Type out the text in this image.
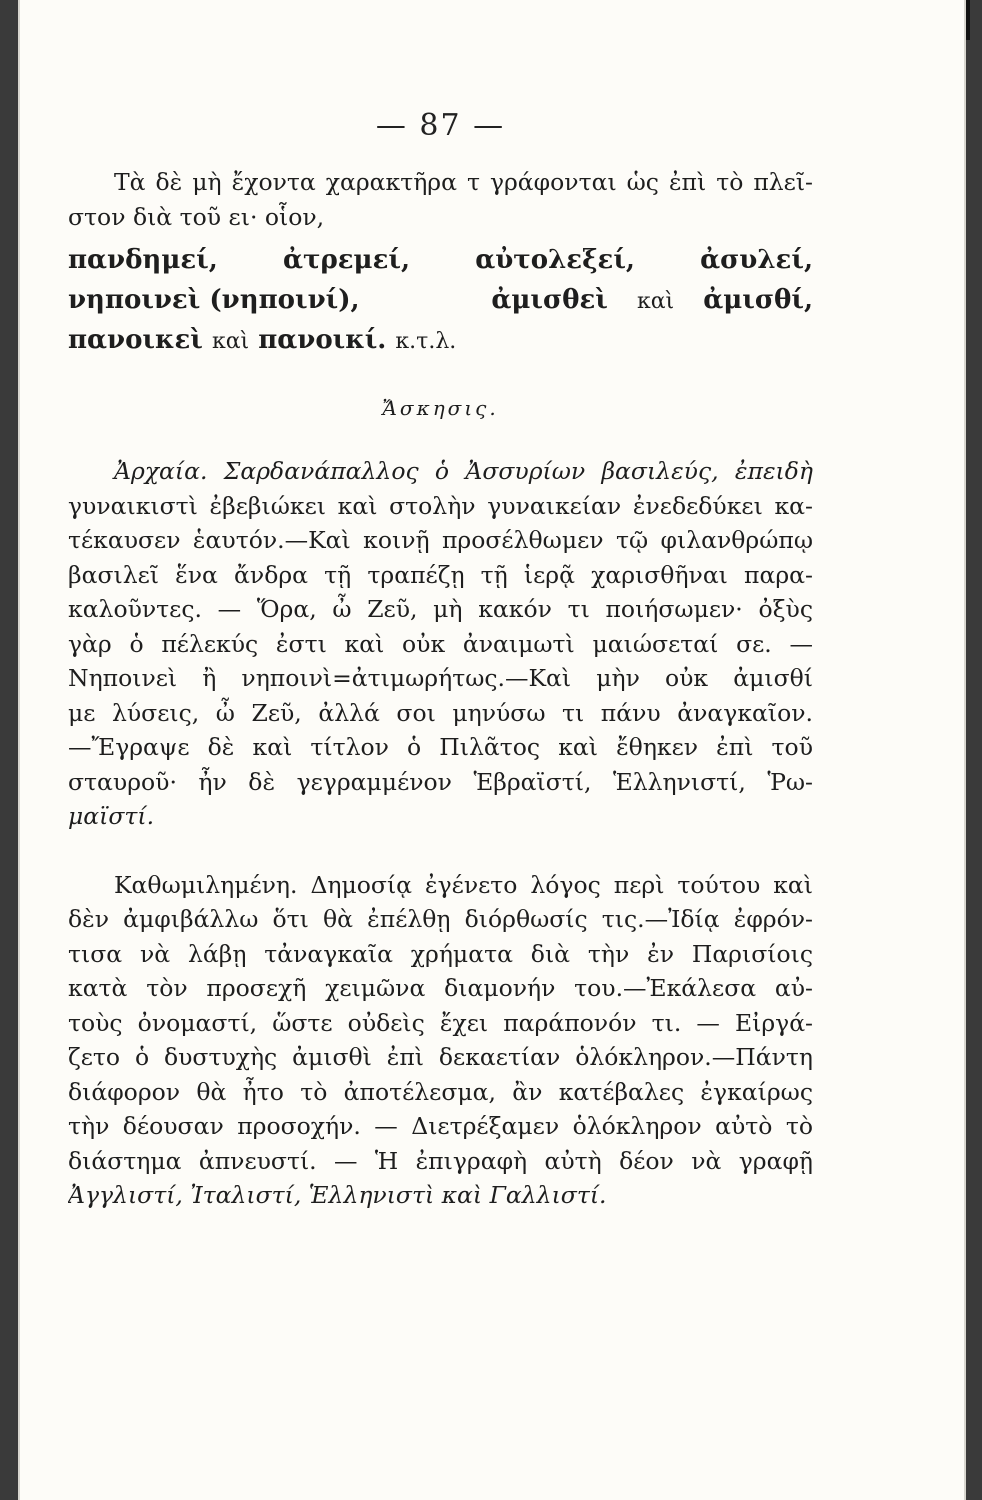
— 87 —

Τὰ δὲ μὴ ἔχοντα χαρακτῆρα τ γράφονται ὡς ἐπὶ τὸ πλεῖ-

στον διὰ τοῦ ει· οἷον,

πανδημεί,	ἀτρεμεί,	αὐτολεξεί,	ἀσυλεί,
νηποινεὶ (νηποινί),	ἀμισθεὶ καὶ ἀμισθί,
πανοικεὶ καὶ πανοικί. κ.τ.λ.
Ἄσκησις.

Ἀρχαία. Σαρδανάπαλλος ὁ Ἀσσυρίων βασιλεύς, ἐπειδὴ

γυναικιστὶ ἐβεβιώκει καὶ στολὴν γυναικείαν ἐνεδεδύκει κα-

τέκαυσεν ἑαυτόν.—Καὶ κοινῇ προσέλθωμεν τῷ φιλανθρώπῳ

βασιλεῖ ἕνα ἄνδρα τῇ τραπέζῃ τῇ ἱερᾷ χαρισθῆναι παρα-

καλοῦντες. — Ὅρα, ὦ Ζεῦ, μὴ κακόν τι ποιήσωμεν· ὀξὺς

γὰρ ὁ πέλεκύς ἐστι καὶ οὐκ ἀναιμωτὶ μαιώσεταί σε. —

Νηποινεὶ ἢ νηποινὶ=ἀτιμωρήτως.—Καὶ μὴν οὐκ ἀμισθί

με λύσεις, ὦ Ζεῦ, ἀλλά σοι μηνύσω τι πάνυ ἀναγκαῖον.

—Ἔγραψε δὲ καὶ τίτλον ὁ Πιλᾶτος καὶ ἔθηκεν ἐπὶ τοῦ

σταυροῦ· ἦν δὲ γεγραμμένον Ἑβραϊστί, Ἑλληνιστί, Ῥω-

μαϊστί.

Καθωμιλημένη. Δημοσίᾳ ἐγένετο λόγος περὶ τούτου καὶ

δὲν ἀμφιβάλλω ὅτι θὰ ἐπέλθῃ διόρθωσίς τις.—Ἰδίᾳ ἐφρόν-

τισα νὰ λάβῃ τἀναγκαῖα χρήματα διὰ τὴν ἐν Παρισίοις

κατὰ τὸν προσεχῆ χειμῶνα διαμονήν του.—Ἐκάλεσα αὐ-

τοὺς ὀνομαστί, ὥστε οὐδεὶς ἔχει παράπονόν τι. — Εἰργά-

ζετο ὁ δυστυχὴς ἀμισθὶ ἐπὶ δεκαετίαν ὁλόκληρον.—Πάντη

διάφορον θὰ ἦτο τὸ ἀποτέλεσμα, ἂν κατέβαλες ἐγκαίρως

τὴν δέουσαν προσοχήν. — Διετρέξαμεν ὁλόκληρον αὐτὸ τὸ

διάστημα ἀπνευστί. — Ἡ ἐπιγραφὴ αὐτὴ δέον νὰ γραφῇ

Ἀγγλιστί, Ἰταλιστί, Ἑλληνιστὶ καὶ Γαλλιστί.
